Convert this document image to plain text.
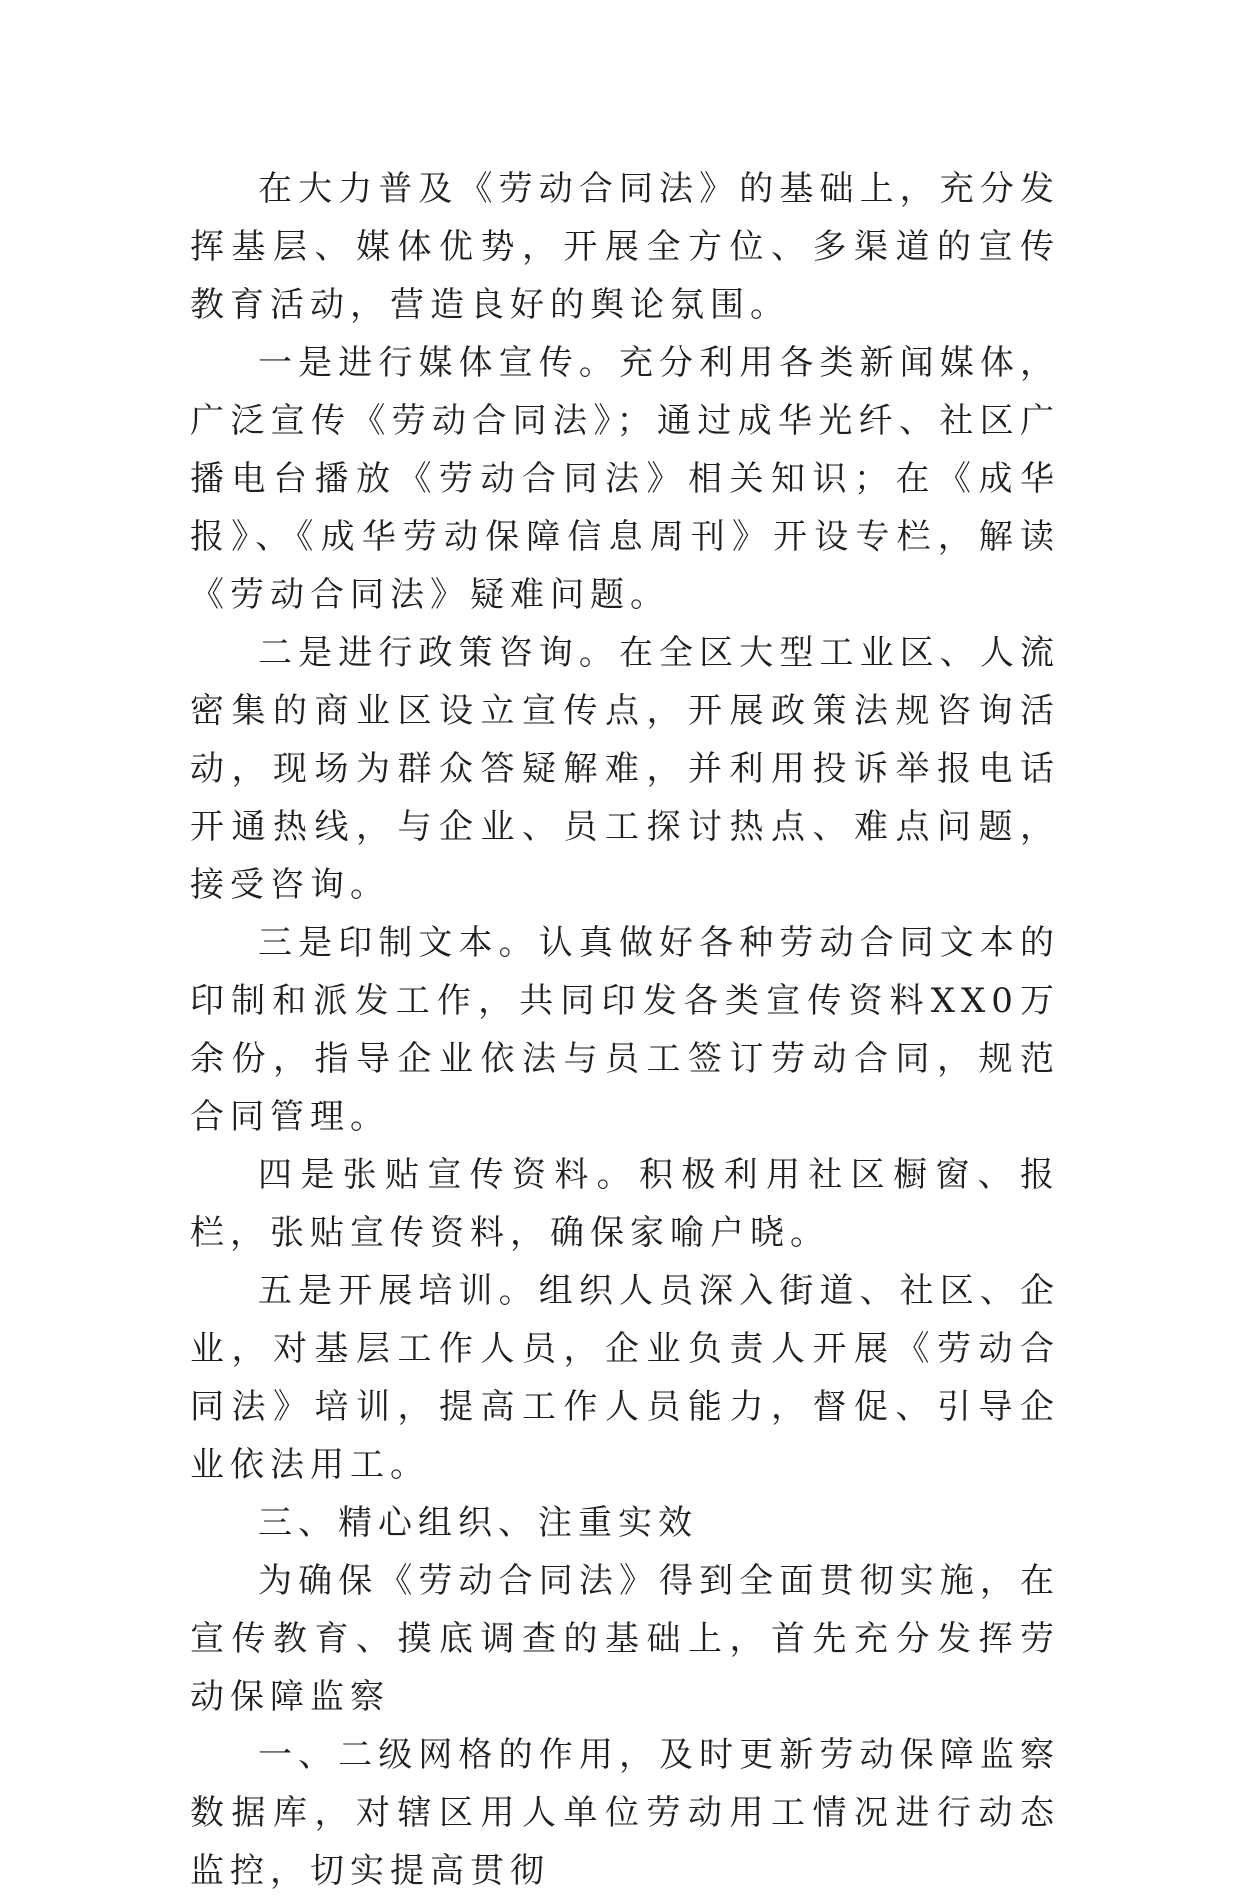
在大力普及《劳动合同法》的基础上，充分发挥基层、媒体优势，开展全方位、多渠道的宣传教育活动，营造良好的舆论氛围。

一是进行媒体宣传。充分利用各类新闻媒体，广泛宣传《劳动合同法》；通过成华光纤、社区广播电台播放《劳动合同法》相关知识；在《成华报》、《成华劳动保障信息周刊》开设专栏，解读《劳动合同法》疑难问题。

二是进行政策咨询。在全区大型工业区、人流密集的商业区设立宣传点，开展政策法规咨询活动，现场为群众答疑解难，并利用投诉举报电话开通热线，与企业、员工探讨热点、难点问题，接受咨询。

三是印制文本。认真做好各种劳动合同文本的印制和派发工作，共同印发各类宣传资料XX0万余份，指导企业依法与员工签订劳动合同，规范合同管理。

四是张贴宣传资料。积极利用社区橱窗、报栏，张贴宣传资料，确保家喻户晓。

五是开展培训。组织人员深入街道、社区、企业，对基层工作人员，企业负责人开展《劳动合同法》培训，提高工作人员能力，督促、引导企业依法用工。

三、精心组织、注重实效

为确保《劳动合同法》得到全面贯彻实施，在宣传教育、摸底调查的基础上，首先充分发挥劳动保障监察

一、二级网格的作用，及时更新劳动保障监察数据库，对辖区用人单位劳动用工情况进行动态监控，切实提高贯彻
